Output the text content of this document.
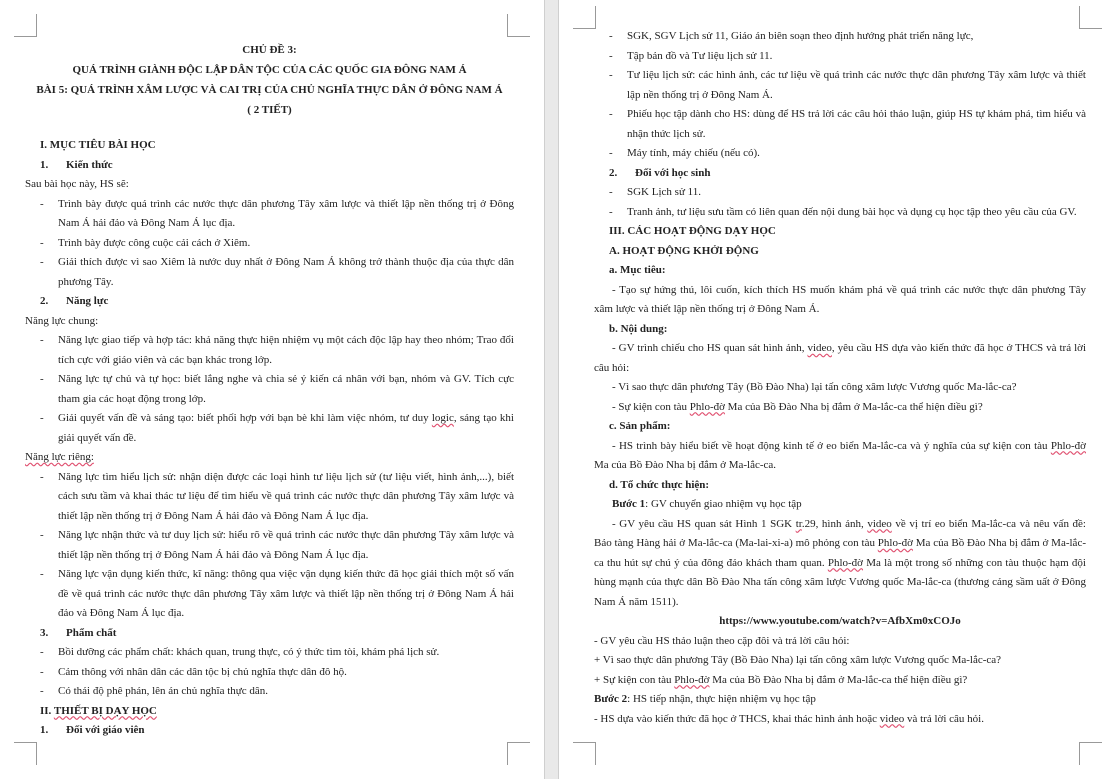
CHỦ ĐỀ 3:
QUÁ TRÌNH GIÀNH ĐỘC LẬP DÂN TỘC CỦA CÁC QUỐC GIA ĐÔNG NAM Á
BÀI 5: QUÁ TRÌNH XÂM LƯỢC VÀ CAI TRỊ CỦA CHỦ NGHĨA THỰC DÂN Ở ĐÔNG NAM Á
( 2 TIẾT)
I. MỤC TIÊU BÀI HỌC
1. Kiến thức
Sau bài học này, HS sẽ:
- Trình bày được quá trình các nước thực dân phương Tây xâm lược và thiết lập nền thống trị ở Đông Nam Á hải đảo và Đông Nam Á lục địa.
- Trình bày được công cuộc cải cách ở Xiêm.
- Giải thích được vì sao Xiêm là nước duy nhất ở Đông Nam Á không trở thành thuộc địa của thực dân phương Tây.
2. Năng lực
Năng lực chung:
- Năng lực giao tiếp và hợp tác: khả năng thực hiện nhiệm vụ một cách độc lập hay theo nhóm; Trao đổi tích cực với giáo viên và các bạn khác trong lớp.
- Năng lực tự chủ và tự học: biết lắng nghe và chia sẻ ý kiến cá nhân với bạn, nhóm và GV. Tích cực tham gia các hoạt động trong lớp.
- Giải quyết vấn đề và sáng tạo: biết phối hợp với bạn bè khi làm việc nhóm, tư duy logic, sáng tạo khi giải quyết vấn đề.
Năng lực riêng:
- Năng lực tìm hiểu lịch sử: nhận diện được các loại hình tư liệu lịch sử (tư liệu viết, hình ảnh,...), biết cách sưu tầm và khai thác tư liệu để tìm hiểu về quá trình các nước thực dân phương Tây xâm lược và thiết lập nền thống trị ở Đông Nam Á hải đảo và Đông Nam Á lục địa.
- Năng lực nhận thức và tư duy lịch sử: hiểu rõ về quá trình các nước thực dân phương Tây xâm lược và thiết lập nền thống trị ở Đông Nam Á hải đảo và Đông Nam Á lục địa.
- Năng lực vận dụng kiến thức, kĩ năng: thông qua việc vận dụng kiến thức đã học giải thích một số vấn đề về quá trình các nước thực dân phương Tây xâm lược và thiết lập nền thống trị ở Đông Nam Á hải đảo và Đông Nam Á lục địa.
3. Phẩm chất
- Bồi dưỡng các phẩm chất: khách quan, trung thực, có ý thức tìm tòi, khám phá lịch sử.
- Cảm thông với nhân dân các dân tộc bị chủ nghĩa thực dân đô hộ.
- Có thái độ phê phán, lên án chủ nghĩa thực dân.
II. THIẾT BỊ DẠY HỌC
1. Đối với giáo viên
- SGK, SGV Lịch sử 11, Giáo án biên soạn theo định hướng phát triển năng lực,
- Tập bản đồ và Tư liệu lịch sử 11.
- Tư liệu lịch sử: các hình ảnh, các tư liệu về quá trình các nước thực dân phương Tây xâm lược và thiết lập nền thống trị ở Đông Nam Á.
- Phiếu học tập dành cho HS: dùng để HS trả lời các câu hỏi thảo luận, giúp HS tự khám phá, tìm hiểu và nhận thức lịch sử.
- Máy tính, máy chiếu (nếu có).
2. Đối với học sinh
- SGK Lịch sử 11.
- Tranh ảnh, tư liệu sưu tầm có liên quan đến nội dung bài học và dụng cụ học tập theo yêu cầu của GV.
III. CÁC HOẠT ĐỘNG DẠY HỌC
A. HOẠT ĐỘNG KHỞI ĐỘNG
a. Mục tiêu:
- Tạo sự hứng thú, lôi cuốn, kích thích HS muốn khám phá về quá trình các nước thực dân phương Tây xâm lược và thiết lập nền thống trị ở Đông Nam Á.
b. Nội dung:
- GV trình chiếu cho HS quan sát hình ảnh, video, yêu cầu HS dựa vào kiến thức đã học ở THCS và trả lời câu hỏi:
- Vì sao thực dân phương Tây (Bồ Đào Nha) lại tấn công xâm lược Vương quốc Ma-lắc-ca?
- Sự kiện con tàu Phlo-đờ Ma của Bồ Đào Nha bị đắm ở Ma-lắc-ca thể hiện điều gì?
c. Sản phẩm:
- HS trình bày hiểu biết về hoạt động kinh tế ở eo biển Ma-lắc-ca và ý nghĩa của sự kiện con tàu Phlo-đờ Ma của Bồ Đào Nha bị đắm ở Ma-lắc-ca.
d. Tổ chức thực hiện:
Bước 1: GV chuyển giao nhiệm vụ học tập
- GV yêu cầu HS quan sát Hình 1 SGK tr.29, hình ảnh, video về vị trí eo biển Ma-lắc-ca và nêu vấn đề: Bảo tàng Hàng hải ở Ma-lắc-ca (Ma-lai-xi-a) mô phỏng con tàu Phlo-đờ Ma của Bồ Đào Nha bị đắm ở Ma-lắc-ca thu hút sự chú ý của đông đảo khách tham quan. Phlo-đờ Ma là một trong số những con tàu thuộc hạm đội hùng mạnh của thực dân Bồ Đào Nha tấn công xâm lược Vương quốc Ma-lắc-ca (thương cảng sầm uất ở Đông Nam Á năm 1511).
https://www.youtube.com/watch?v=AfbXm0xCOJo
- GV yêu cầu HS thảo luận theo cặp đôi và trả lời câu hỏi:
+ Vì sao thực dân phương Tây (Bồ Đào Nha) lại tấn công xâm lược Vương quốc Ma-lắc-ca?
+ Sự kiện con tàu Phlo-đờ Ma của Bồ Đào Nha bị đắm ở Ma-lắc-ca thể hiện điều gì?
Bước 2: HS tiếp nhận, thực hiện nhiệm vụ học tập
- HS dựa vào kiến thức đã học ở THCS, khai thác hình ảnh hoặc video và trả lời câu hỏi.
